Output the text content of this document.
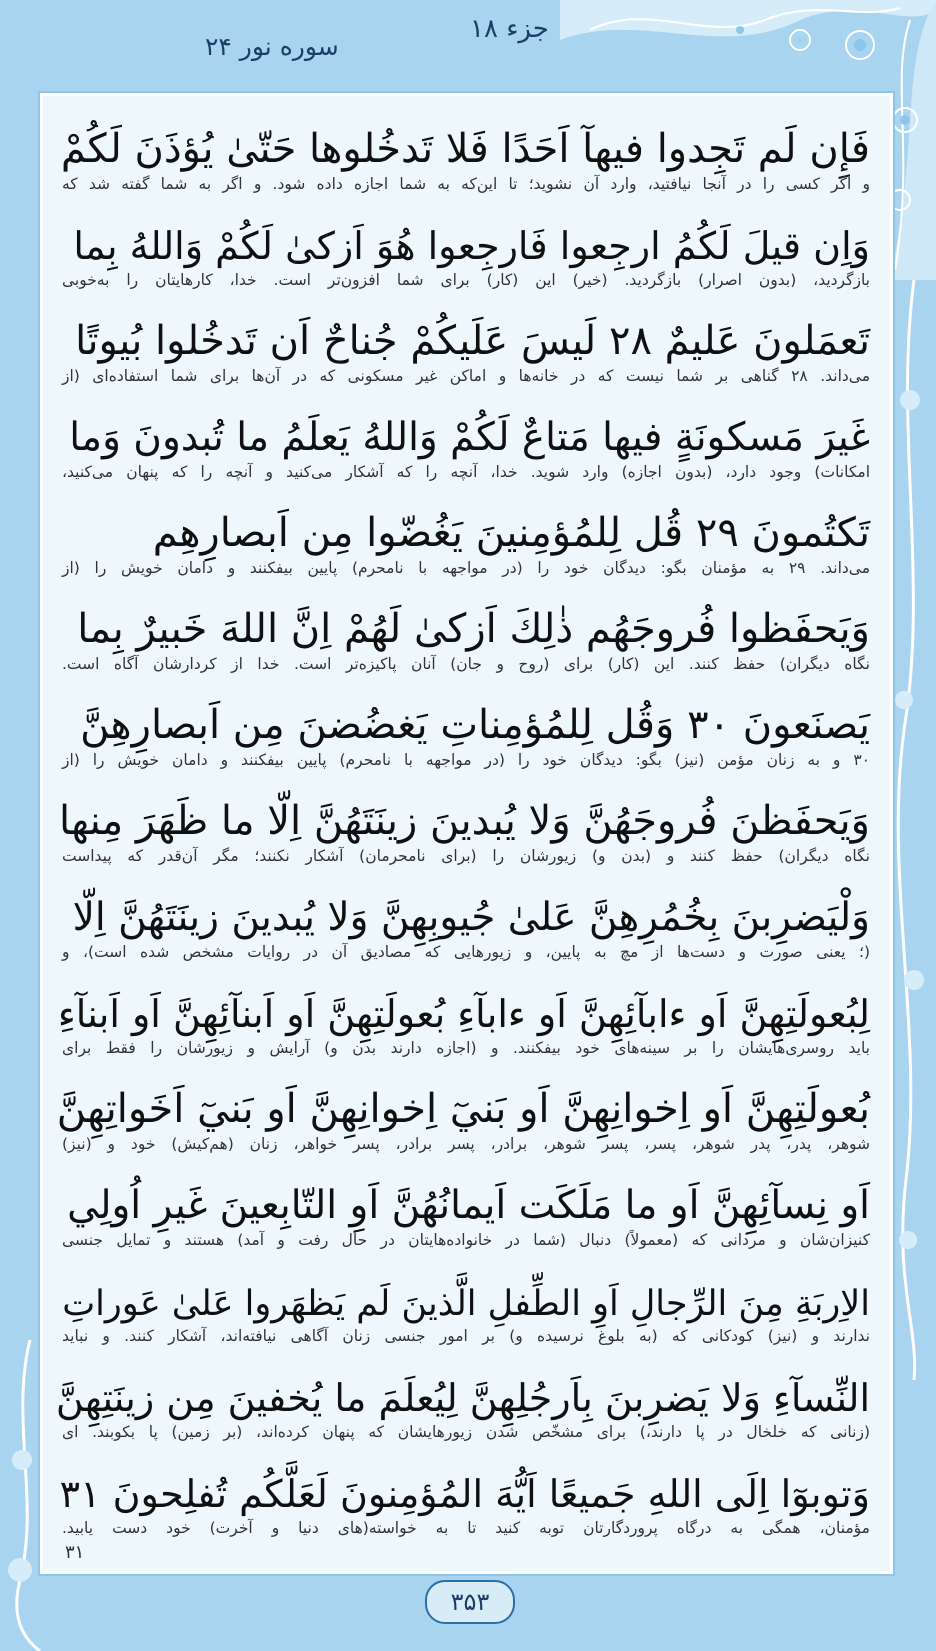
جزء ۱۸
سوره نور ۲۴
فَإِن لَم تَجِدوا فيهآ اَحَدًا فَلا تَدخُلوها حَتّىٰ يُؤذَنَ لَكُمْ
و اگر کسی را در آنجا نیافتید، وارد آن نشوید؛ تا این‌که به شما اجازه داده شود. و اگر به شما گفته شد که
وَاِن قيلَ لَكُمُ ارجِعوا فَارجِعوا هُوَ اَزكىٰ لَكُمْ وَاللهُ بِما
بازگردید، (بدون اصرار) بازگردید. (خیر) این (کار) برای شما افزون‌تر است. خدا، کارهایتان را به‌خوبی
تَعمَلونَ عَليمٌ ۲۸ لَيسَ عَلَيكُمْ جُناحٌ اَن تَدخُلوا بُيوتًا
می‌داند. ۲۸ گناهی بر شما نیست که در خانه‌ها و اماکن غیر مسکونی که در آن‌ها برای شما استفاده‌ای (از
غَيرَ مَسكونَةٍ فيها مَتاعٌ لَكُمْ وَاللهُ يَعلَمُ ما تُبدونَ وَما
امکانات) وجود دارد، (بدون اجازه) وارد شوید. خدا، آنچه را که آشکار می‌کنید و آنچه را که پنهان می‌کنید،
تَكتُمونَ ۲۹ قُل لِلمُؤمِنينَ يَغُضّوا مِن اَبصارِهِم
می‌داند. ۲۹ به مؤمنان بگو: دیدگان خود را (در مواجهه با نامحرم) پایین بیفکنند و دامان خویش را (از
وَيَحفَظوا فُروجَهُم ذٰلِكَ اَزكىٰ لَهُمْ اِنَّ اللهَ خَبيرٌ بِما
نگاه دیگران) حفظ کنند. این (کار) برای (روح و جان) آنان پاکیزه‌تر است. خدا از کردارشان آگاه است.
يَصنَعونَ ۳۰ وَقُل لِلمُؤمِناتِ يَغضُضنَ مِن اَبصارِهِنَّ
۳۰ و به زنان مؤمن (نیز) بگو: دیدگان خود را (در مواجهه با نامحرم) پایین بیفکنند و دامان خویش را (از
وَيَحفَظنَ فُروجَهُنَّ وَلا يُبدينَ زينَتَهُنَّ اِلّا ما ظَهَرَ مِنها
نگاه دیگران) حفظ کنند و (بدن و) زیورشان را (برای نامحرمان) آشکار نکنند؛ مگر آن‌قدر که پیداست
وَلْيَضرِبنَ بِخُمُرِهِنَّ عَلىٰ جُيوبِهِنَّ وَلا يُبدينَ زينَتَهُنَّ اِلّا
(؛ یعنی صورت و دست‌ها از مچ به پایین، و زیورهایی که مصادیق آن در روایات مشخص شده است)، و
لِبُعولَتِهِنَّ اَو ءابآئِهِنَّ اَو ءابآءِ بُعولَتِهِنَّ اَو اَبنآئِهِنَّ اَو اَبنآءِ
باید روسری‌هایشان را بر سینه‌های خود بیفکنند. و (اجازه دارند بدن و) آرایش و زیورشان را فقط برای
بُعولَتِهِنَّ اَو اِخوانِهِنَّ اَو بَنيٓ اِخوانِهِنَّ اَو بَنيٓ اَخَواتِهِنَّ
شوهر، پدر، پدر شوهر، پسر، پسر شوهر، برادر، پسر برادر، پسر خواهر، زنان (هم‌کیش) خود و (نیز)
اَو نِسآئِهِنَّ اَو ما مَلَكَت اَيمانُهُنَّ اَوِ التّابِعينَ غَيرِ اُولِي
کنیزان‌شان و مردانی که (معمولاً) دنبال (شما در خانواده‌هایتان در حال رفت و آمد) هستند و تمایل جنسی
الاِربَةِ مِنَ الرِّجالِ اَوِ الطِّفلِ الَّذينَ لَم يَظهَروا عَلىٰ عَوراتِ
ندارند و (نیز) کودکانی که (به بلوغ نرسیده و) بر امور جنسی زنان آگاهی نیافته‌اند، آشکار کنند. و نباید
النِّسآءِ وَلا يَضرِبنَ بِاَرجُلِهِنَّ لِيُعلَمَ ما يُخفينَ مِن زينَتِهِنَّ
(زنانی که خلخال در پا دارند،) برای مشخّص شدن زیورهایشان که پنهان کرده‌اند، (بر زمین) پا بکوبند. ای
وَتوبوٓا اِلَى اللهِ جَميعًا اَيُّهَ المُؤمِنونَ لَعَلَّكُم تُفلِحونَ ۳۱
مؤمنان، همگی به درگاه پروردگارتان توبه کنید تا به خواسته(های دنیا و آخرت) خود دست یابید.
۳۱
۳۵۳
